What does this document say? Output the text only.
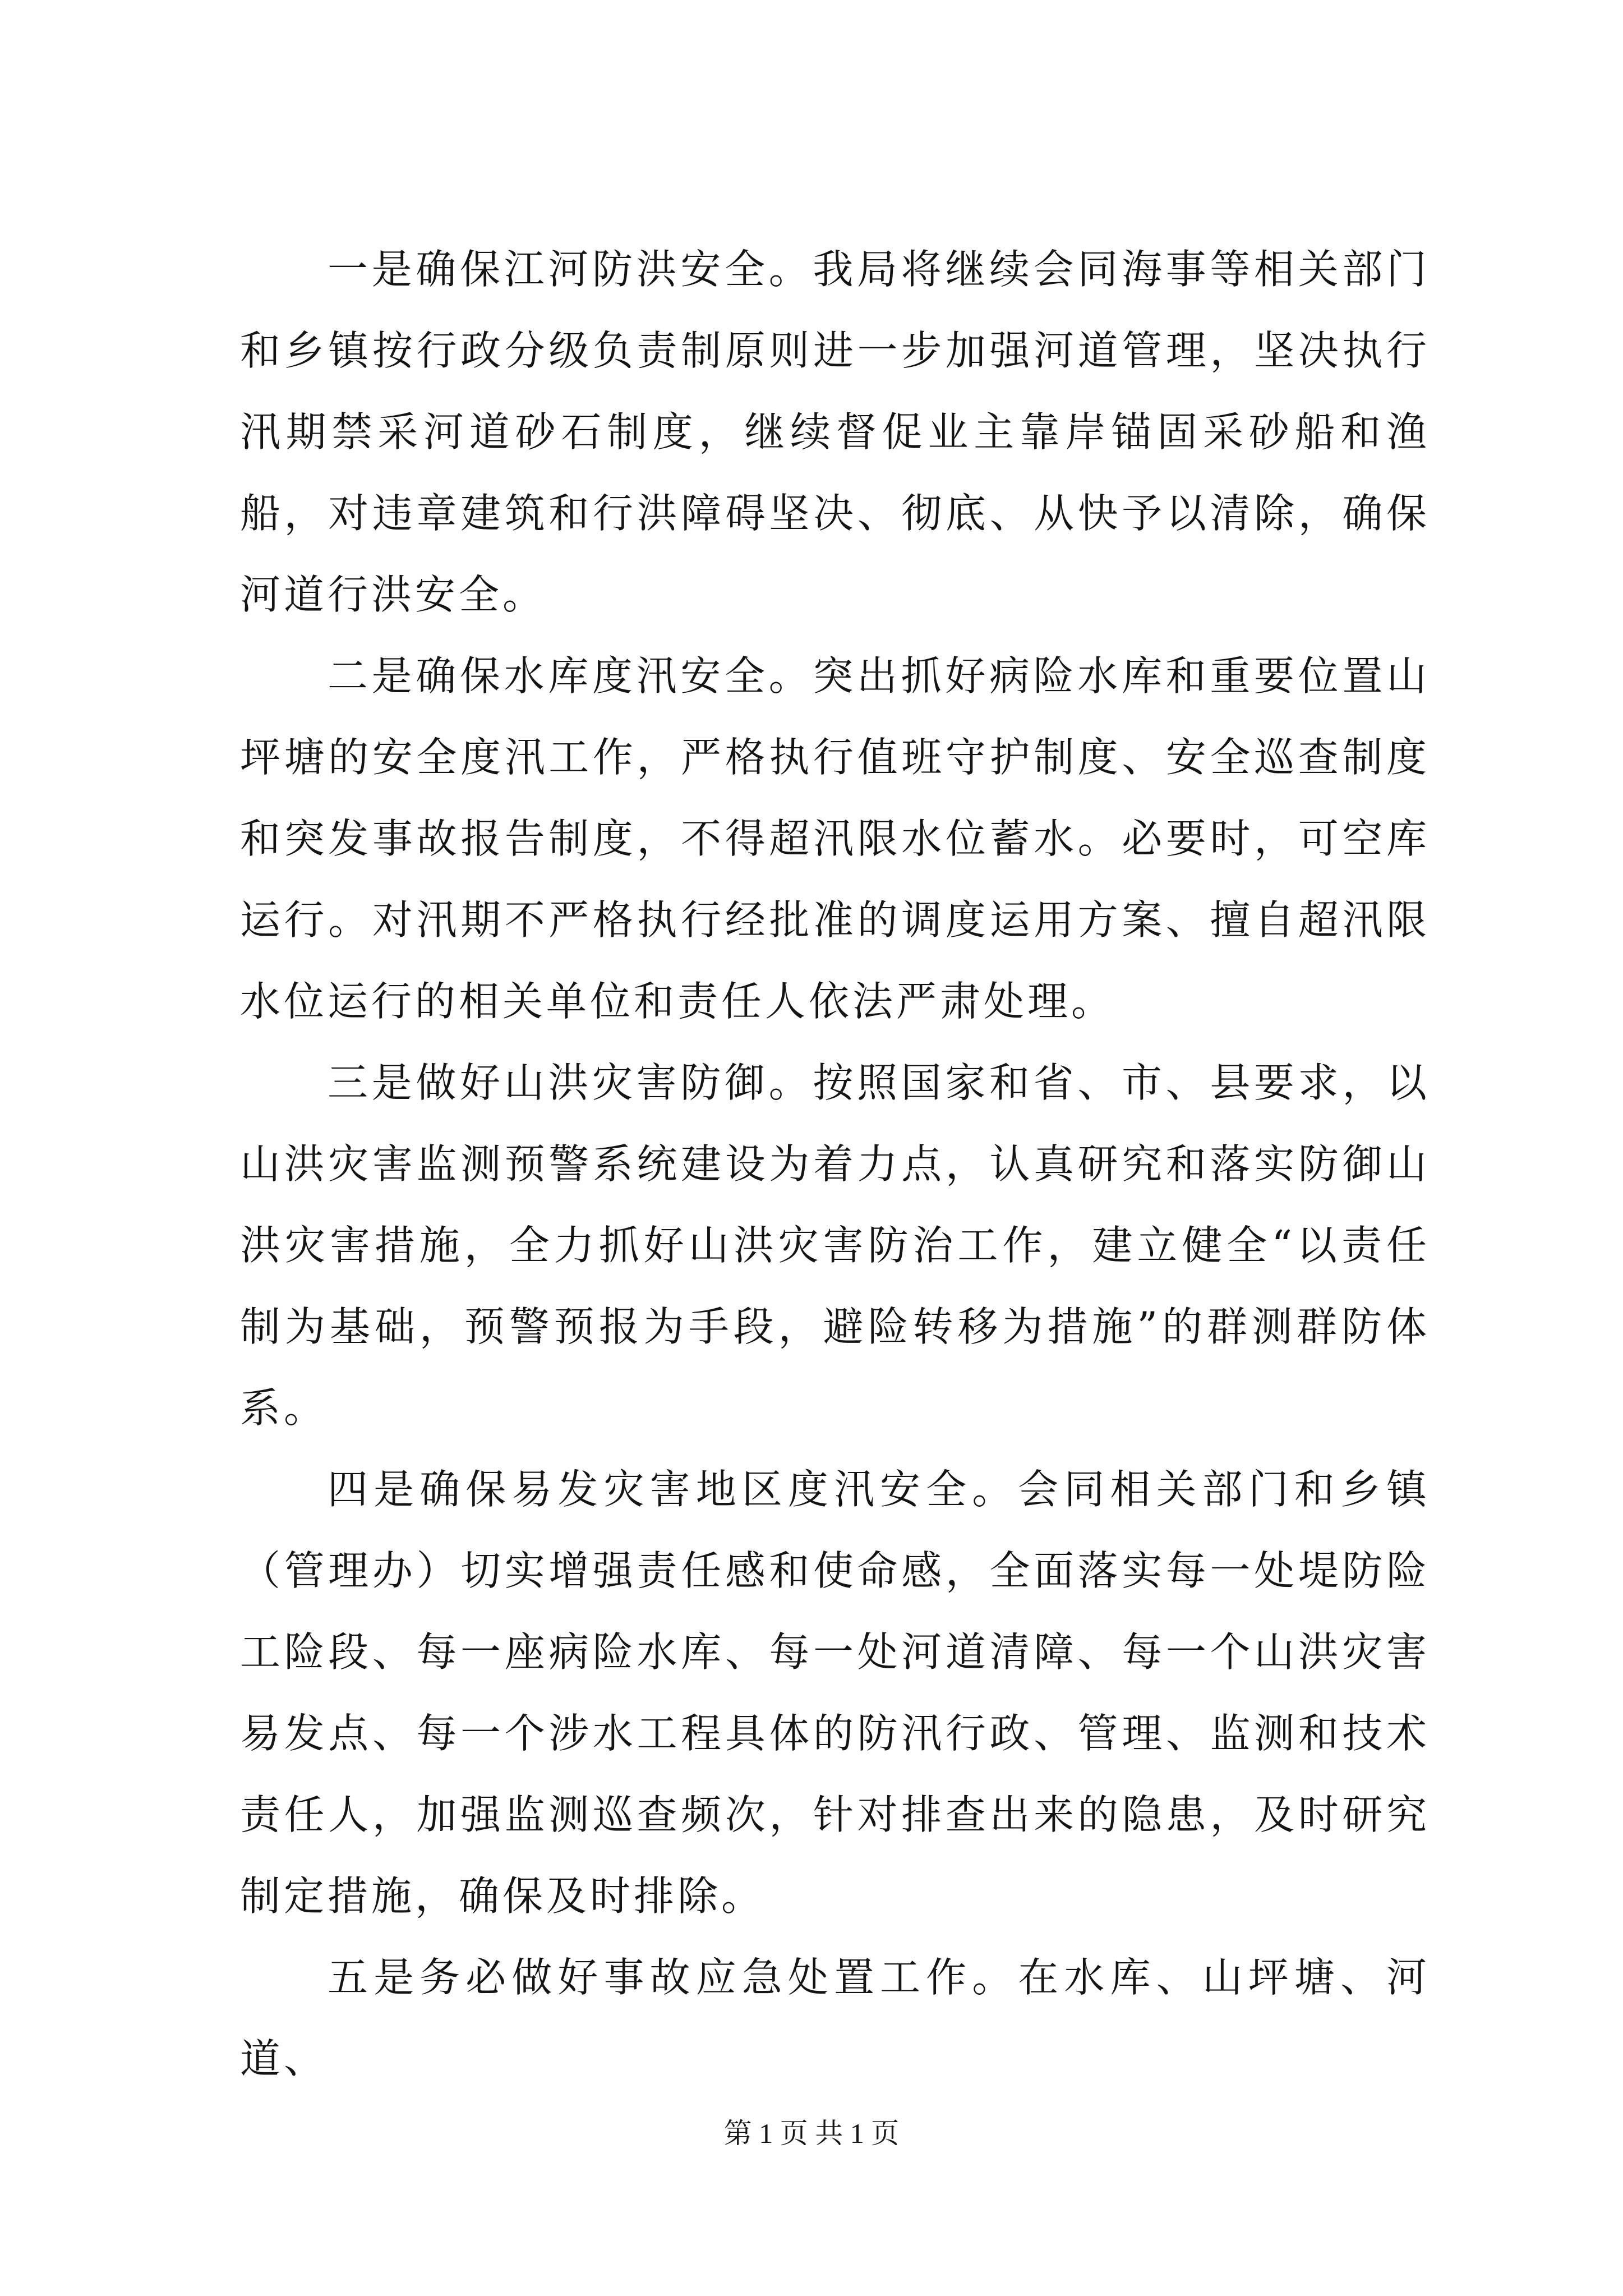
一是确保江河防洪安全。我局将继续会同海事等相关部门和乡镇按行政分级负责制原则进一步加强河道管理，坚决执行汛期禁采河道砂石制度，继续督促业主靠岸锚固采砂船和渔船，对违章建筑和行洪障碍坚决、彻底、从快予以清除，确保河道行洪安全。

二是确保水库度汛安全。突出抓好病险水库和重要位置山坪塘的安全度汛工作，严格执行值班守护制度、安全巡查制度和突发事故报告制度，不得超汛限水位蓄水。必要时，可空库运行。对汛期不严格执行经批准的调度运用方案、擅自超汛限水位运行的相关单位和责任人依法严肃处理。

三是做好山洪灾害防御。按照国家和省、市、县要求，以山洪灾害监测预警系统建设为着力点，认真研究和落实防御山洪灾害措施，全力抓好山洪灾害防治工作，建立健全“以责任制为基础，预警预报为手段，避险转移为措施”的群测群防体系。

四是确保易发灾害地区度汛安全。会同相关部门和乡镇（管理办）切实增强责任感和使命感，全面落实每一处堤防险工险段、每一座病险水库、每一处河道清障、每一个山洪灾害易发点、每一个涉水工程具体的防汛行政、管理、监测和技术责任人，加强监测巡查频次，针对排查出来的隐患，及时研究制定措施，确保及时排除。

五是务必做好事故应急处置工作。在水库、山坪塘、河道、

第 1 页 共 1 页
